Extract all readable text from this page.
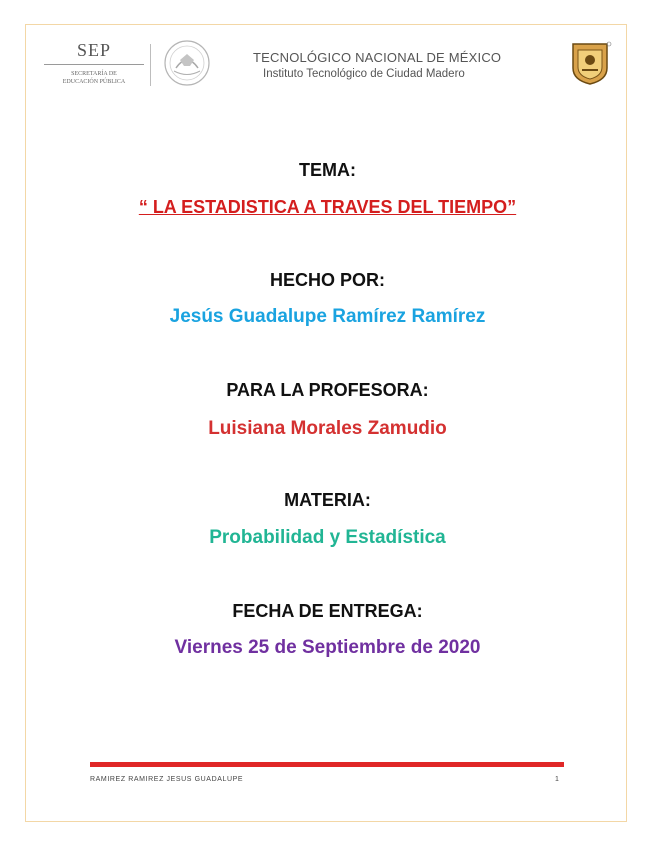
SEP
SECRETARÍA DE
EDUCACIÓN PÚBLICA
TECNOLÓGICO NACIONAL DE MÉXICO
Instituto Tecnológico de Ciudad Madero
TEMA:
“ LA ESTADISTICA A TRAVES DEL TIEMPO”
HECHO POR:
Jesús Guadalupe Ramírez Ramírez
PARA LA PROFESORA:
Luisiana Morales Zamudio
MATERIA:
Probabilidad y Estadística
FECHA DE ENTREGA:
Viernes 25 de Septiembre de 2020
RAMIREZ RAMIREZ JESUS GUADALUPE	1
